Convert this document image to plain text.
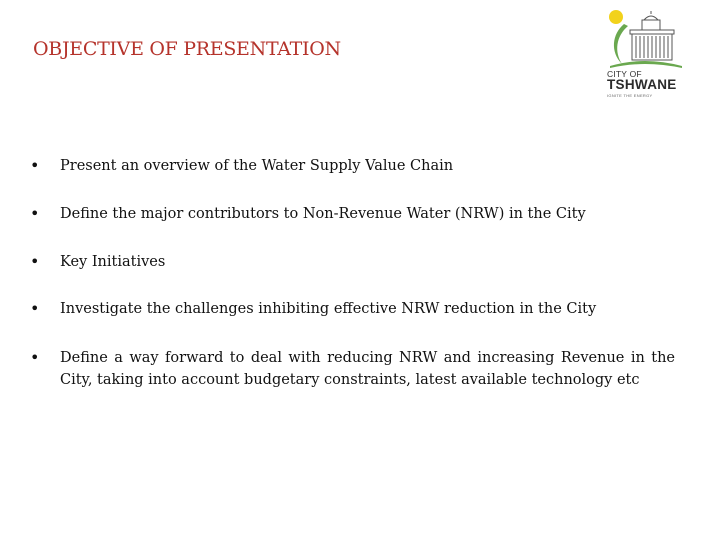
OBJECTIVE OF PRESENTATION
CITY OF
TSHWANE
IGNITE THE ENERGY
• Present an overview of the Water Supply Value Chain
• Define the major contributors to Non-Revenue Water (NRW) in the City
• Key Initiatives
• Investigate the challenges inhibiting effective NRW reduction in the City
• Define a way forward to deal with reducing NRW and increasing Revenue in the City, taking into account budgetary constraints, latest available technology etc
